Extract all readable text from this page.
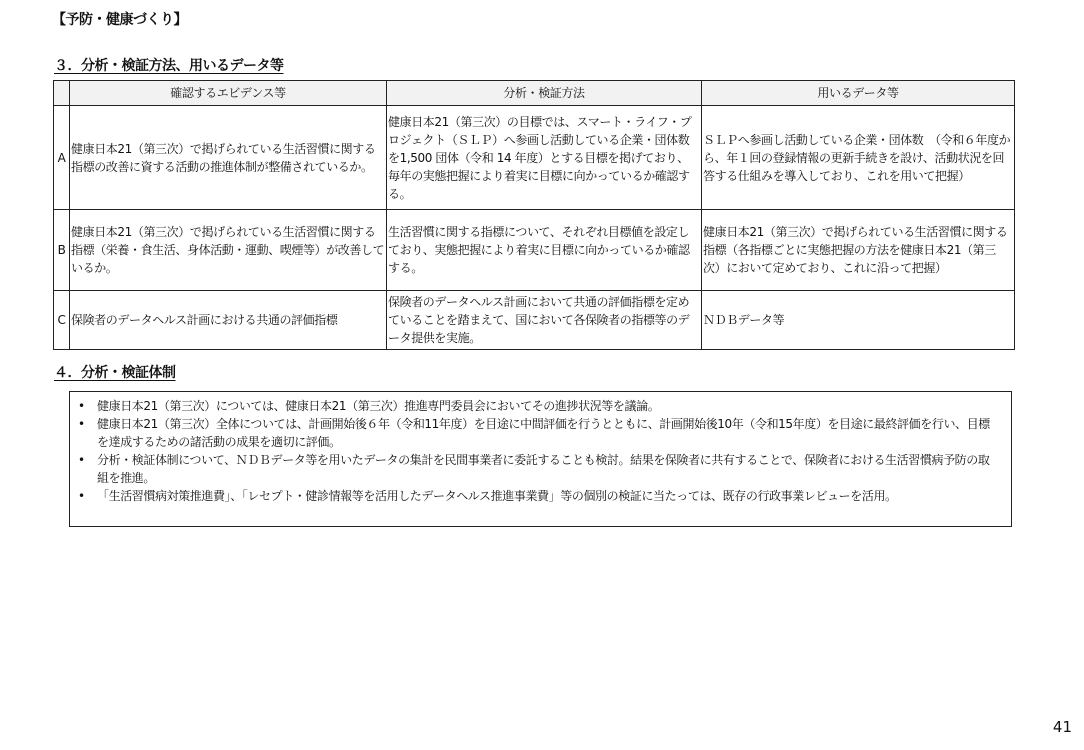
【予防・健康づくり】
３．分析・検証方法、用いるデータ等
	確認するエビデンス等	分析・検証方法	用いるデータ等
A	健康日本21（第三次）で掲げられている生活習慣に関する指標の改善に資する活動の推進体制が整備されているか。	健康日本21（第三次）の目標では、スマート・ライフ・プロジェクト（ＳＬＰ）へ参画し活動している企業・団体数を1,500 団体（令和 14 年度）とする目標を掲げており、毎年の実態把握により着実に目標に向かっているか確認する。	ＳＬＰへ参画し活動している企業・団体数　（令和６年度から、年１回の登録情報の更新手続きを設け、活動状況を回答する仕組みを導入しており、これを用いて把握）
B	健康日本21（第三次）で掲げられている生活習慣に関する指標（栄養・食生活、身体活動・運動、喫煙等）が改善しているか。	生活習慣に関する指標について、それぞれ目標値を設定しており、実態把握により着実に目標に向かっているか確認する。	健康日本21（第三次）で掲げられている生活習慣に関する指標（各指標ごとに実態把握の方法を健康日本21（第三次）において定めており、これに沿って把握）
C	保険者のデータヘルス計画における共通の評価指標	保険者のデータヘルス計画において共通の評価指標を定めていることを踏まえて、国において各保険者の指標等のデータ提供を実施。	ＮＤＢデータ等
４．分析・検証体制
• 健康日本21（第三次）については、健康日本21（第三次）推進専門委員会においてその進捗状況等を議論。
• 健康日本21（第三次）全体については、計画開始後６年（令和11年度）を目途に中間評価を行うとともに、計画開始後10年（令和15年度）を目途に最終評価を行い、目標を達成するための諸活動の成果を適切に評価。
• 分析・検証体制について、ＮＤＢデータ等を用いたデータの集計を民間事業者に委託することも検討。結果を保険者に共有することで、保険者における生活習慣病予防の取組を推進。
• 「生活習慣病対策推進費」、「レセプト・健診情報等を活用したデータヘルス推進事業費」等の個別の検証に当たっては、既存の行政事業レビューを活用。
41
